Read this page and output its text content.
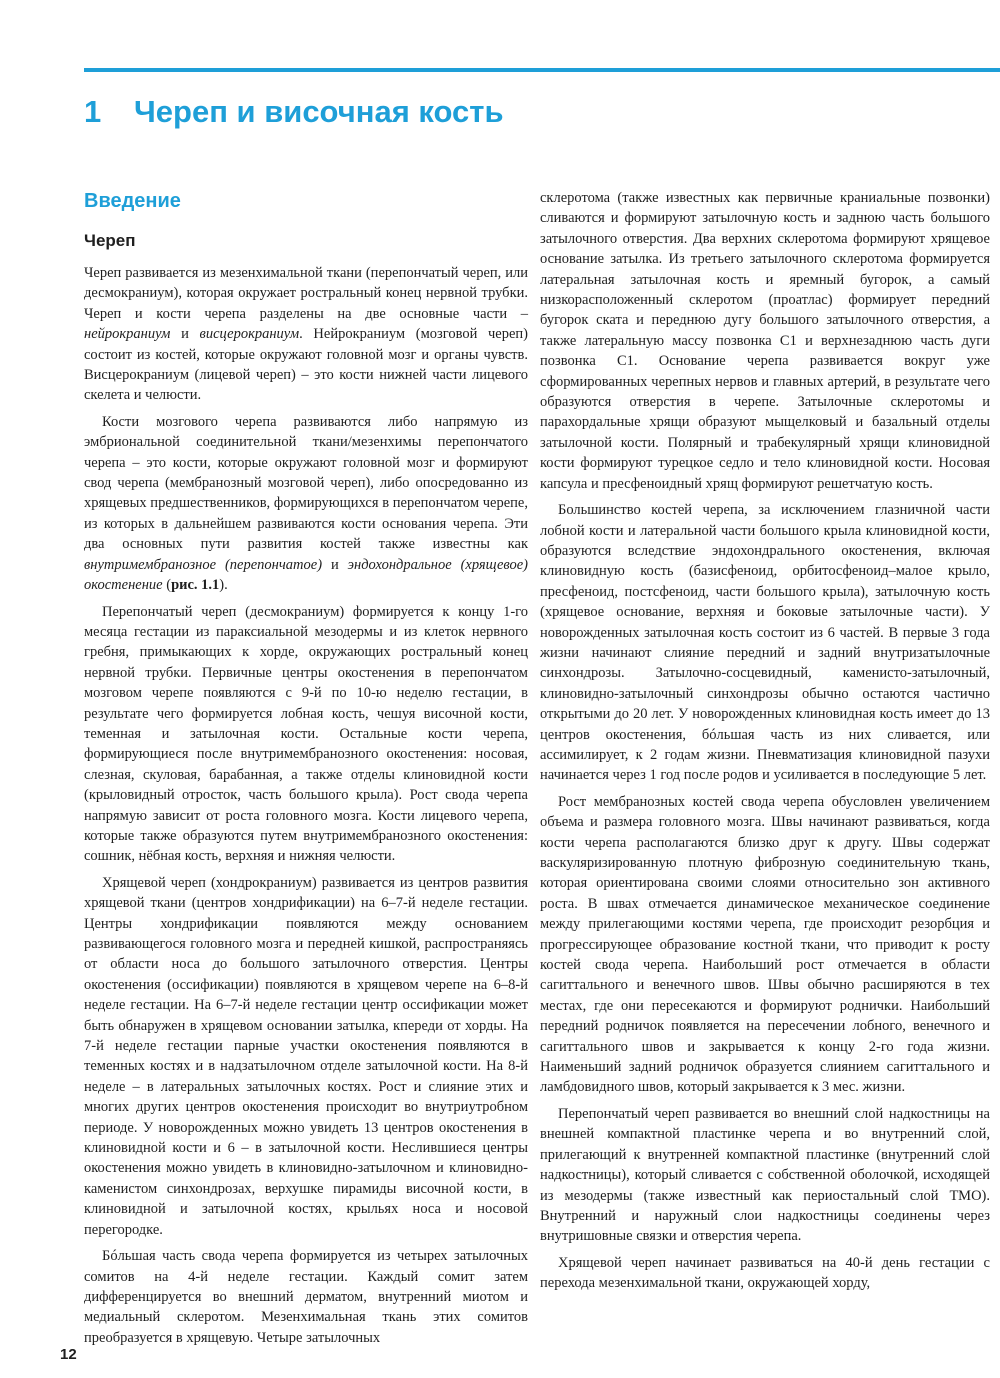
1 Череп и височная кость
Введение
Череп

Череп развивается из мезенхимальной ткани (перепончатый череп, или десмокраниум), которая окружает ростральный конец нервной трубки. Череп и кости черепа разделены на две основные части – нейрокраниум и висцерокраниум. Нейрокраниум (мозговой череп) состоит из костей, которые окружают головной мозг и органы чувств. Висцерокраниум (лицевой череп) – это кости нижней части лицевого скелета и челюсти.

Кости мозгового черепа развиваются либо напрямую из эмбриональной соединительной ткани/мезенхимы перепончатого черепа – это кости, которые окружают головной мозг и формируют свод черепа (мембранозный мозговой череп), либо опосредованно из хрящевых предшественников, формирующихся в перепончатом черепе, из которых в дальнейшем развиваются кости основания черепа. Эти два основных пути развития костей также известны как внутримембранозное (перепончатое) и эндохондральное (хрящевое) окостенение (рис. 1.1).

Перепончатый череп (десмокраниум) формируется к концу 1-го месяца гестации из параксиальной мезодермы и из клеток нервного гребня, примыкающих к хорде, окружающих ростральный конец нервной трубки. Первичные центры окостенения в перепончатом мозговом черепе появляются с 9-й по 10-ю неделю гестации, в результате чего формируется лобная кость, чешуя височной кости, теменная и затылочная кости. Остальные кости черепа, формирующиеся после внутримембранозного окостенения: носовая, слезная, скуловая, барабанная, а также отделы клиновидной кости (крыловидный отросток, часть большого крыла). Рост свода черепа напрямую зависит от роста головного мозга. Кости лицевого черепа, которые также образуются путем внутримембранозного окостенения: сошник, нёбная кость, верхняя и нижняя челюсти.

Хрящевой череп (хондрокраниум) развивается из центров развития хрящевой ткани (центров хондрификации) на 6–7-й неделе гестации. Центры хондрификации появляются между основанием развивающегося головного мозга и передней кишкой, распространяясь от области носа до большого затылочного отверстия. Центры окостенения (оссификации) появляются в хрящевом черепе на 6–8-й неделе гестации. На 6–7-й неделе гестации центр оссификации может быть обнаружен в хрящевом основании затылка, кпереди от хорды. На 7-й неделе гестации парные участки окостенения появляются в теменных костях и в надзатылочном отделе затылочной кости. На 8-й неделе – в латеральных затылочных костях. Рост и слияние этих и многих других центров окостенения происходит во внутриутробном периоде. У новорожденных можно увидеть 13 центров окостенения в клиновидной кости и 6 – в затылочной кости. Неслившиеся центры окостенения можно увидеть в клиновидно-затылочном и клиновидно-каменистом синхондрозах, верхушке пирамиды височной кости, в клиновидной и затылочной костях, крыльях носа и носовой перегородке.

Бóльшая часть свода черепа формируется из четырех затылочных сомитов на 4-й неделе гестации. Каждый сомит затем дифференцируется во внешний дерматом, внутренний миотом и медиальный склеротом. Мезенхимальная ткань этих сомитов преобразуется в хрящевую. Четыре затылочных

склеротома (также известных как первичные краниальные позвонки) сливаются и формируют затылочную кость и заднюю часть большого затылочного отверстия. Два верхних склеротома формируют хрящевое основание затылка. Из третьего затылочного склеротома формируется латеральная затылочная кость и яремный бугорок, а самый низкорасположенный склеротом (проатлас) формирует передний бугорок ската и переднюю дугу большого затылочного отверстия, а также латеральную массу позвонка С1 и верхнезаднюю часть дуги позвонка С1. Основание черепа развивается вокруг уже сформированных черепных нервов и главных артерий, в результате чего образуются отверстия в черепе. Затылочные склеротомы и парахордальные хрящи образуют мыщелковый и базальный отделы затылочной кости. Полярный и трабекулярный хрящи клиновидной кости формируют турецкое седло и тело клиновидной кости. Носовая капсула и пресфеноидный хрящ формируют решетчатую кость.

Большинство костей черепа, за исключением глазничной части лобной кости и латеральной части большого крыла клиновидной кости, образуются вследствие эндохондрального окостенения, включая клиновидную кость (базисфеноид, орбитосфеноид–малое крыло, пресфеноид, постсфеноид, части большого крыла), затылочную кость (хрящевое основание, верхняя и боковые затылочные части). У новорожденных затылочная кость состоит из 6 частей. В первые 3 года жизни начинают слияние передний и задний внутризатылочные синхондрозы. Затылочно-сосцевидный, каменисто-затылочный, клиновидно-затылочный синхондрозы обычно остаются частично открытыми до 20 лет. У новорожденных клиновидная кость имеет до 13 центров окостенения, бóльшая часть из них сливается, или ассимилирует, к 2 годам жизни. Пневматизация клиновидной пазухи начинается через 1 год после родов и усиливается в последующие 5 лет.

Рост мембранозных костей свода черепа обусловлен увеличением объема и размера головного мозга. Швы начинают развиваться, когда кости черепа располагаются близко друг к другу. Швы содержат васкуляризированную плотную фиброзную соединительную ткань, которая ориентирована своими слоями относительно зон активного роста. В швах отмечается динамическое механическое соединение между прилегающими костями черепа, где происходит резорбция и прогрессирующее образование костной ткани, что приводит к росту костей свода черепа. Наибольший рост отмечается в области сагиттального и венечного швов. Швы обычно расширяются в тех местах, где они пересекаются и формируют роднички. Наибольший передний родничок появляется на пересечении лобного, венечного и сагиттального швов и закрывается к концу 2-го года жизни. Наименьший задний родничок образуется слиянием сагиттального и ламбдовидного швов, который закрывается к 3 мес. жизни.

Перепончатый череп развивается во внешний слой надкостницы на внешней компактной пластинке черепа и во внутренний слой, прилегающий к внутренней компактной пластинке (внутренний слой надкостницы), который сливается с собственной оболочкой, исходящей из мезодермы (также известный как периостальный слой ТМО). Внутренний и наружный слои надкостницы соединены через внутришовные связки и отверстия черепа.

Хрящевой череп начинает развиваться на 40-й день гестации с перехода мезенхимальной ткани, окружающей хорду,

12
